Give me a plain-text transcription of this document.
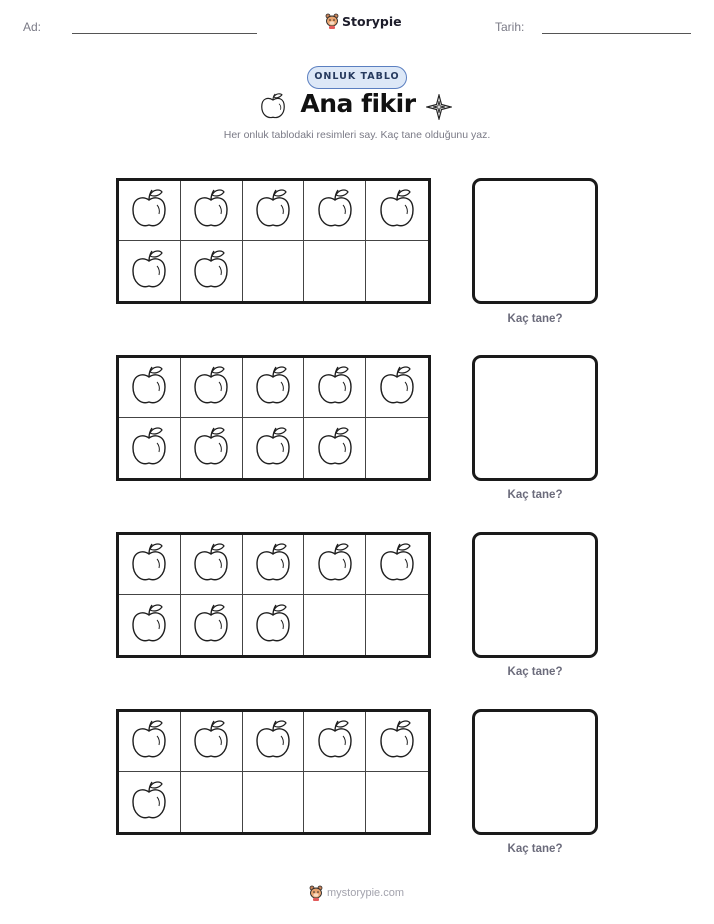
Ad:	Storypie	Tarih:
ONLUK TABLO
Ana fikir
Her onluk tablodaki resimleri say. Kaç tane olduğunu yaz.
Kaç tane?
Kaç tane?
Kaç tane?
Kaç tane?
mystorypie.com
